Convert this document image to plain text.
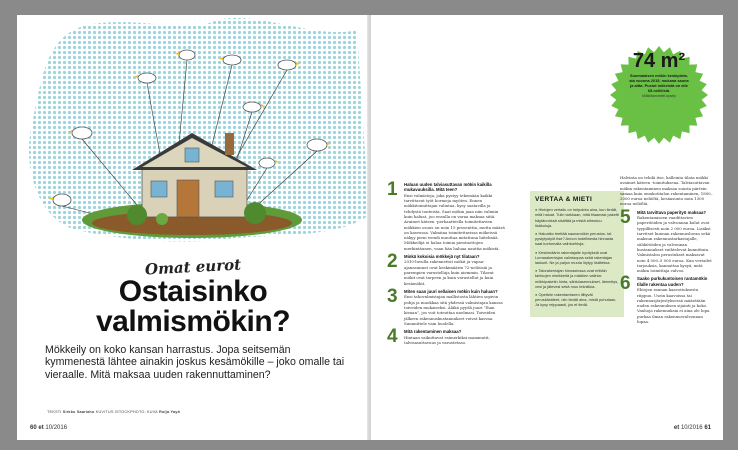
Omat eurot
Ostaisinko
valmismökin?
Mökkeily on koko kansan harrastus. Jopa seitsemän kymmenestä lähtee ainakin joskus kesämökille – joko omalle tai vieraalle. Mitä maksaa uuden rakennuttaminen?
TEKSTI Sirkku Saariaho KUVITUS ISTOCKPHOTO, KUVA Roija Yayä
60 et 10/2016
74 m²
Suomalaisen mökin keskipinta-ala vuonna 2015, mukana sauna ja aitta. Pusiot mökeistä on alle 65-neliöisiä.
Mökkibarometri-kysely
1 Haluan uuden talviasuttavan mökin kaikilla mukavuuksilla. Mitä teen?

Ensi valmisteja, joka pystyy tekemään kaikki tarvittavat työt hormeja myöten. Ennen mökkitoimittajan valintaa, kysy saatavilla ja tehdystä tonteista. Saat mökin jaan niin valmiin kuin haluat, joo ensulla on varaa maksaa siitä. Avaimet käteen -perhaatteella toimitettavien mökkien osuus on noin 15 prosenttia, mutta määrä on kasvussa. Valmiina toimitettavissa mökeissä näkyy pieni trendi muuttaa mitattuna hätelmää. Mökkeilijä ei halua toimia pientuottojen merkintäunen, vaan hän haluaa nauttia mökistä.

2 Minkä kokoisia mökkejä nyt tilataan?

2010-luvulla rakennettut mökit ja vapaa-ajanasunnot ovat keskimäärin 72-neliöisiä ja parempien varustelluja kuin aiemmin. Tilavat mökit ovat tarpeen ja kuin varustellut ja kuin kesämökit.

3 Miten saan juuri sellaisen mökin kuin haluan?

Ensi tahovalmistajan mallistosta lähtien sopivin pohja ja muokkaa sitä yhdessä valmistajan kanssa toiveiden mukaiseksi. Äläkä pyydä juuri ”Ihan kivaan”, jos voit toteuttaa unelmasi. Toiveiden jälkeen rakennuskustannukset voivat kasvaa. Suunnittele vain huolella.

4 Mitä rakentaminen maksaa?

Hintaan vaikuttavat esimerkiksi mammutit, talvisasuttavuus ja varustetaso.

VERTAA & MIETI

● Hintojen vertailu on helpointa aina, kun tiedät, mitä haluat. Tulin tarkkaan, mitä tilaamasi paketti käytännössä sisältää ja mistä aiheutuu lisäkuluja.

● Haluatko teettää saunamökin perustus- tai pystytystyöt itse? Annon todellisesta hinnasta saat kortomalla vaihtoehtoja.

● Keskimäärin rakentajalle hyvityksiä ovat Lomarakentajan valintaopas sekä rakentajan laskurit. Ne ja paljon muuta löytyy lisätietoa.

● Talorakentajan hinnastossa ovat erittäin tarkkojen nimikkeitä ja määrien valinta: mökkipaketin hinta, sähköasennukset, lämmitys, vesi ja jätevesi sekä muu tekniikka.

● Opettele rakentamiseen liittyvät peruskäsitteet, niin tiedät aina, mistä puhutaan. Ja kysy reippaasti, jos et tiedä.

Halvinta on tehdä itse, kalleinta tilata mökki avaimet käteen -toimituksena. Talviasuttavan mökin rakentaminen maksaa suurin piirtein samaa kuin omakotitalon rakentaminen, 1800–2000 euroa neliöltä, kesäasunto noin 1300 euroa neliöltä.

5 Mitä tarvittava paperityö maksaa?

Rakentamiseen vaadittavien paperitöiden ja valvonnan kulut ovat tyypillisesti noin 2 000 euroa. Lisäksi tarvitset kunnan rakennusluvan sekä maksun rakennustarkastajalle, sähkötöiden ja valvonnan kustannukset vaihtelevat kunnittain. Valmistalon perustukset maksavat noin 4 000–5 000 euroa. Kun vertailet tarjouksia, kannattaa kysyä, mitä mökin toimittaja valvoo.

6 Saako purkukuntoisen rantamökin tilalle rakentaa uuden?

Ehtojen rannan kaavoituksesta riippuu. Usein kaavoissa tai rakennusjärjestyksessä määrätään uuden rakennuksen sijainti ja koko. Vanhoja rakennuksia ei aina ole lupa purkaa ilman rakennusvalvonnan lupaa.

et 10/2016 61
